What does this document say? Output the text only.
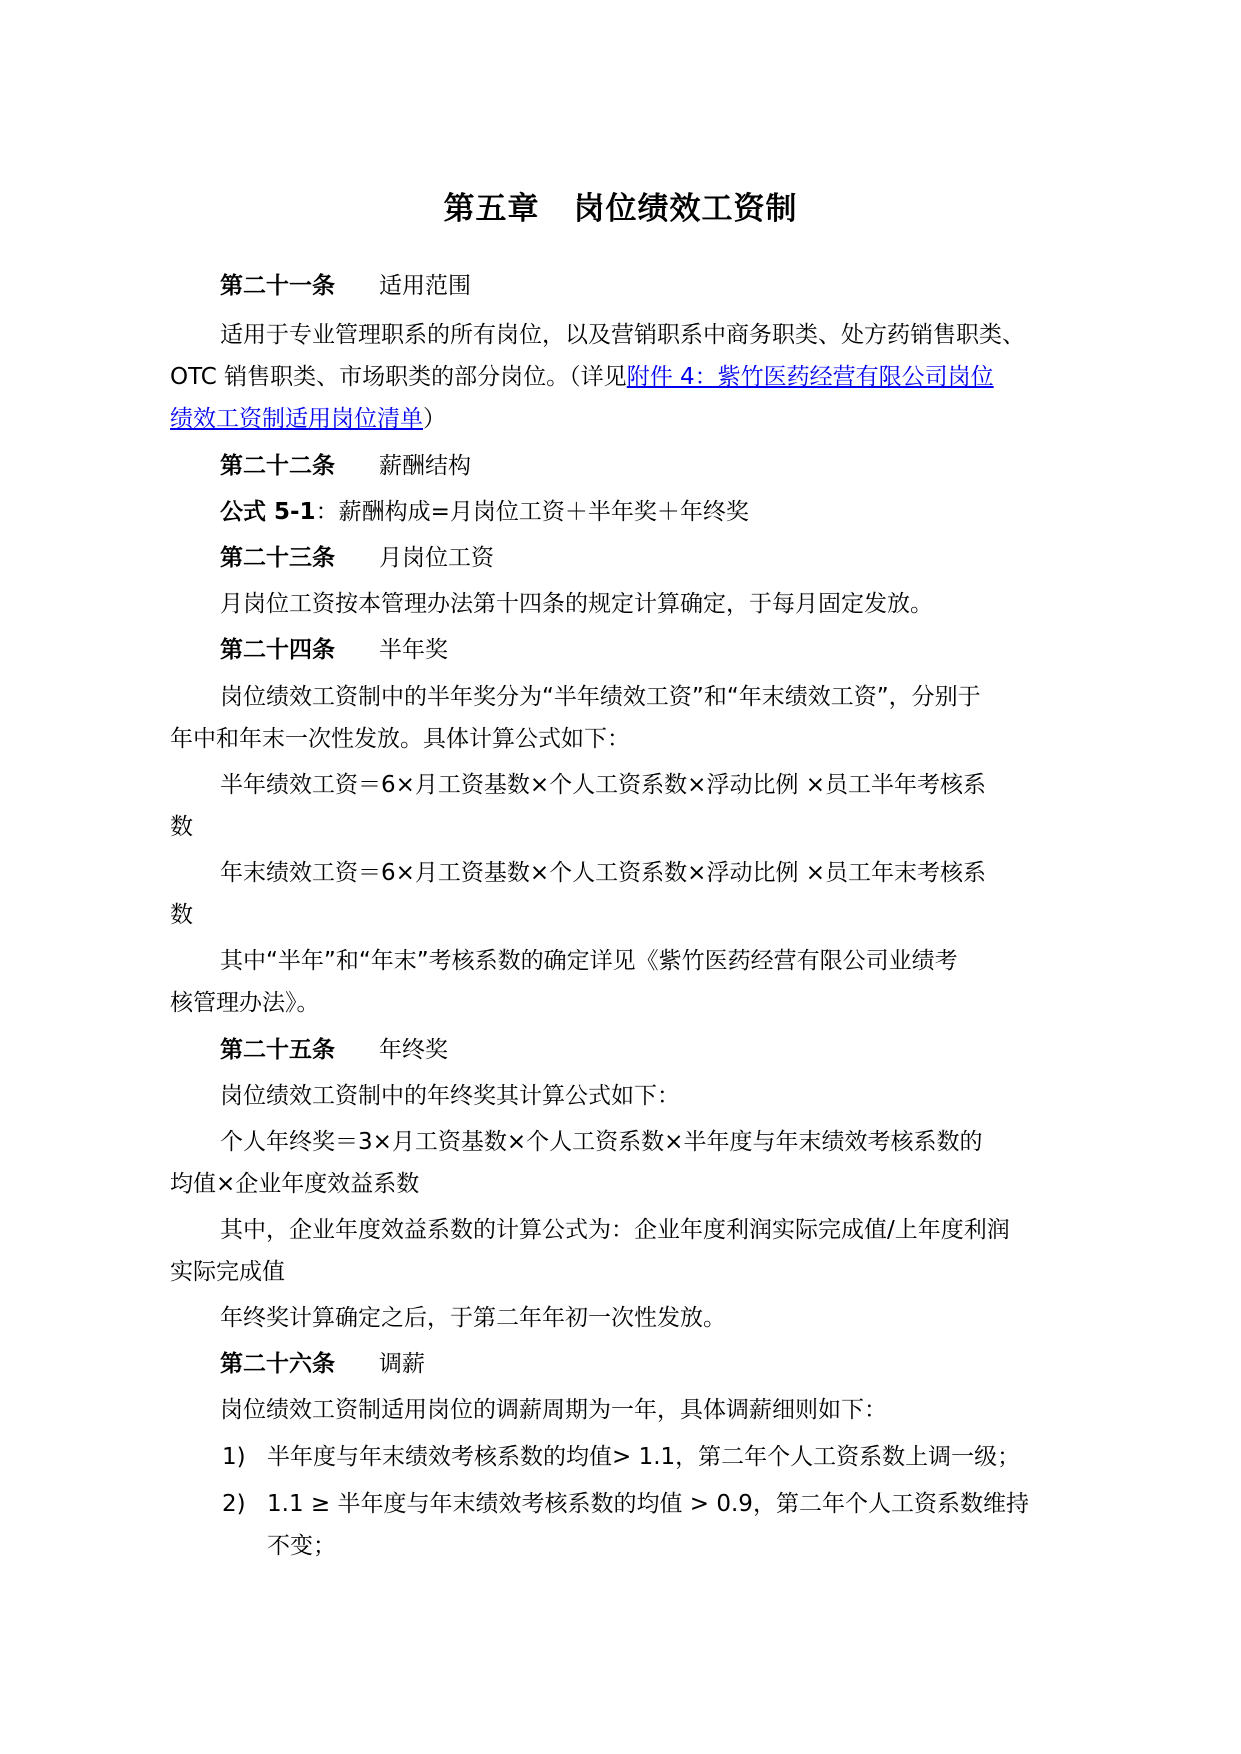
第五章 岗位绩效工资制
第二十一条 适用范围
适用于专业管理职系的所有岗位，以及营销职系中商务职类、处方药销售职类、
OTC 销售职类、市场职类的部分岗位。（详见附件 4：紫竹医药经营有限公司岗位
绩效工资制适用岗位清单）
第二十二条 薪酬结构
公式 5-1：薪酬构成=月岗位工资＋半年奖＋年终奖
第二十三条 月岗位工资
月岗位工资按本管理办法第十四条的规定计算确定，于每月固定发放。
第二十四条 半年奖
岗位绩效工资制中的半年奖分为“半年绩效工资”和“年末绩效工资”，分别于
年中和年末一次性发放。具体计算公式如下：
半年绩效工资＝6×月工资基数×个人工资系数×浮动比例 ×员工半年考核系
数
年末绩效工资＝6×月工资基数×个人工资系数×浮动比例 ×员工年末考核系
数
其中“半年”和“年末”考核系数的确定详见《紫竹医药经营有限公司业绩考
核管理办法》。
第二十五条 年终奖
岗位绩效工资制中的年终奖其计算公式如下：
个人年终奖＝3×月工资基数×个人工资系数×半年度与年末绩效考核系数的
均值×企业年度效益系数
其中，企业年度效益系数的计算公式为：企业年度利润实际完成值/上年度利润
实际完成值
年终奖计算确定之后，于第二年年初一次性发放。
第二十六条 调薪
岗位绩效工资制适用岗位的调薪周期为一年，具体调薪细则如下：
1) 半年度与年末绩效考核系数的均值> 1.1，第二年个人工资系数上调一级；
2) 1.1 ≥ 半年度与年末绩效考核系数的均值 > 0.9，第二年个人工资系数维持
不变；
